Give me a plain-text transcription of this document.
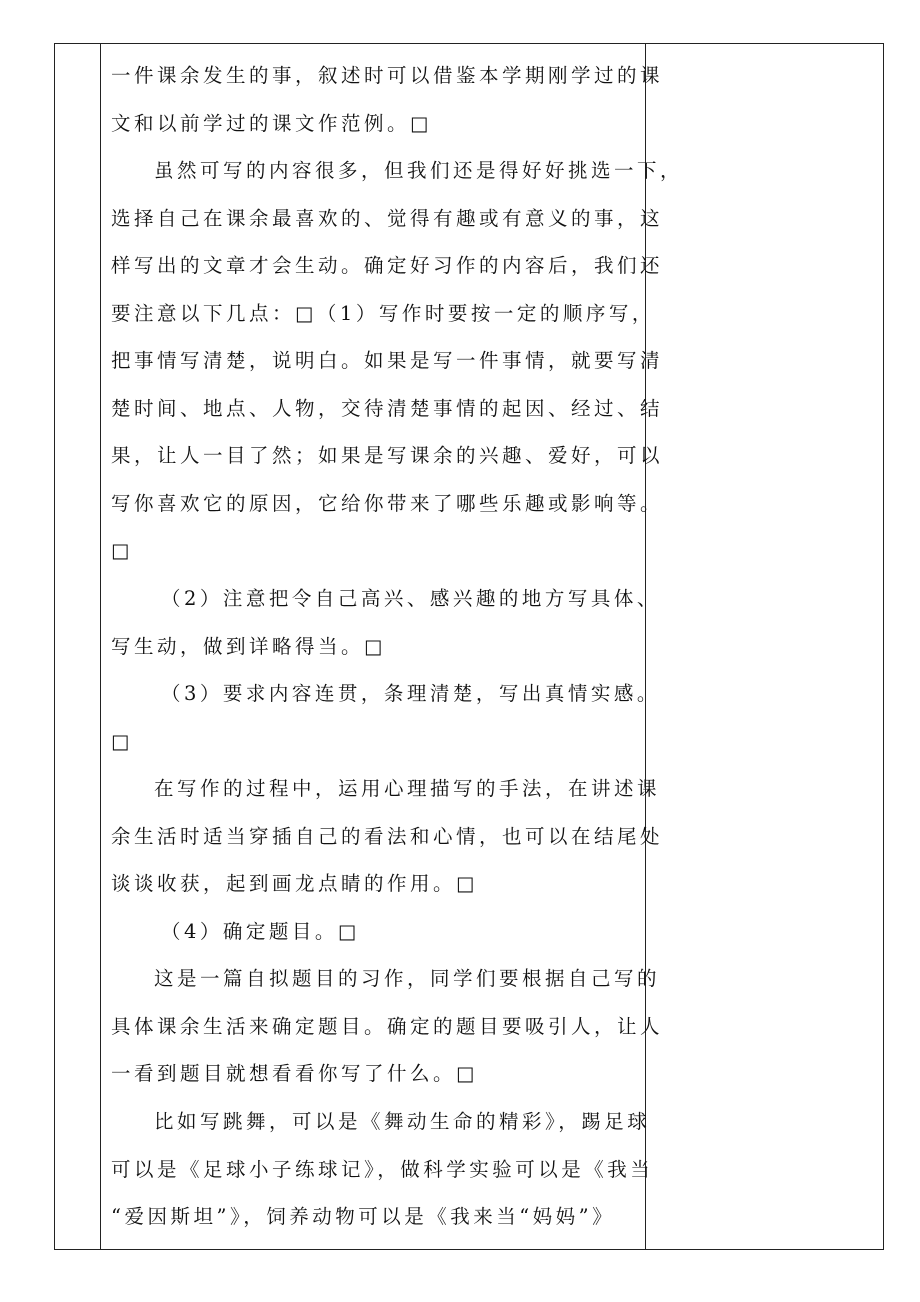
一件课余发生的事，叙述时可以借鉴本学期刚学过的课
文和以前学过的课文作范例。□
虽然可写的内容很多，但我们还是得好好挑选一下，
选择自己在课余最喜欢的、觉得有趣或有意义的事，这
样写出的文章才会生动。确定好习作的内容后，我们还
要注意以下几点：□（1）写作时要按一定的顺序写，
把事情写清楚，说明白。如果是写一件事情，就要写清
楚时间、地点、人物，交待清楚事情的起因、经过、结
果，让人一目了然；如果是写课余的兴趣、爱好，可以
写你喜欢它的原因，它给你带来了哪些乐趣或影响等。
□
（2）注意把令自己高兴、感兴趣的地方写具体、
写生动，做到详略得当。□
（3）要求内容连贯，条理清楚，写出真情实感。
□
在写作的过程中，运用心理描写的手法，在讲述课
余生活时适当穿插自己的看法和心情，也可以在结尾处
谈谈收获，起到画龙点睛的作用。□
（4）确定题目。□
这是一篇自拟题目的习作，同学们要根据自己写的
具体课余生活来确定题目。确定的题目要吸引人，让人
一看到题目就想看看你写了什么。□
比如写跳舞，可以是《舞动生命的精彩》，踢足球
可以是《足球小子练球记》，做科学实验可以是《我当
“爱因斯坦”》，饲养动物可以是《我来当“妈妈”》
